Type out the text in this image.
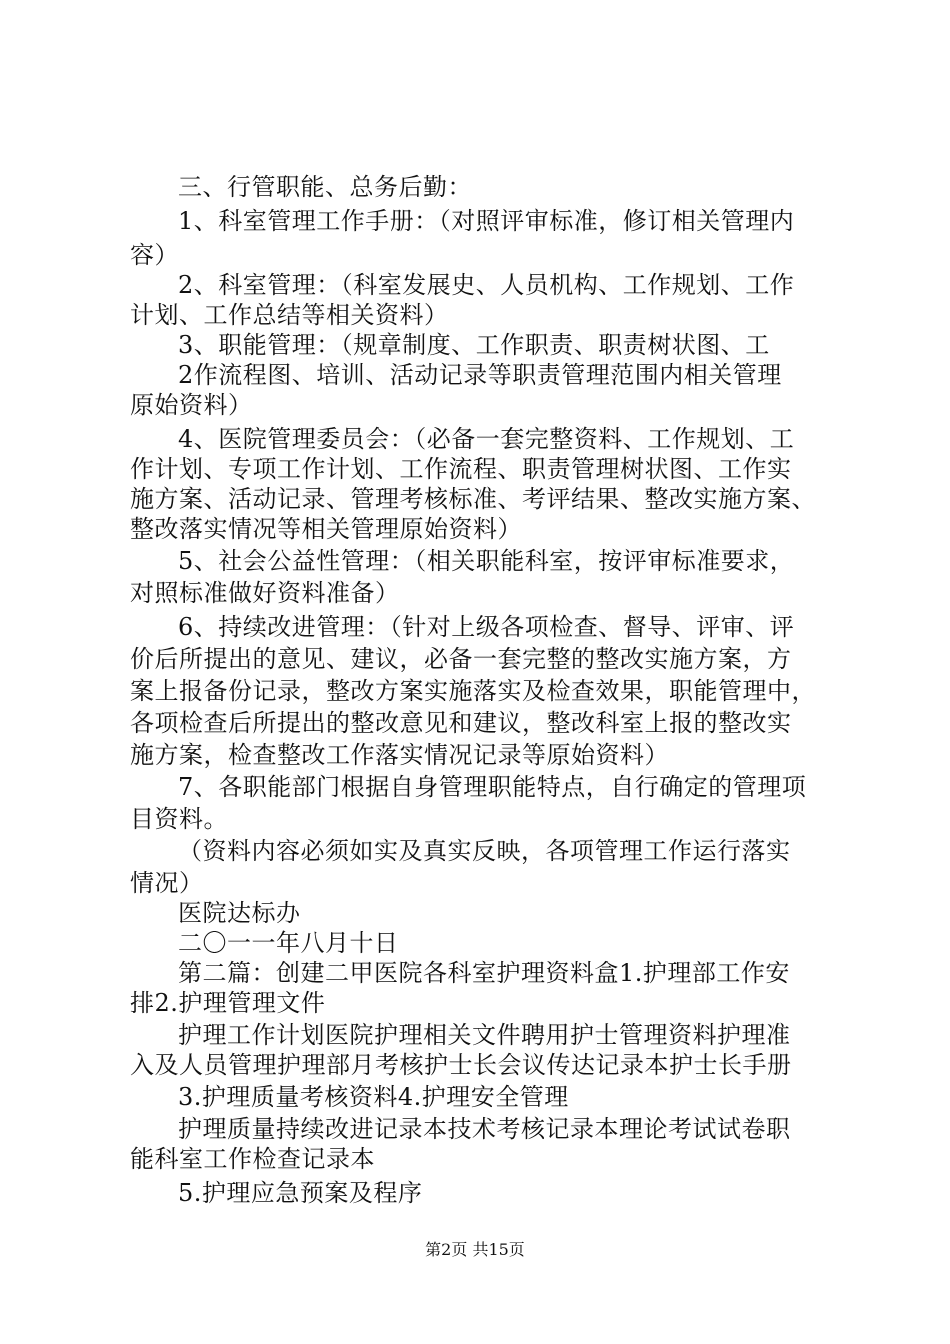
三、行管职能、总务后勤：
1、科室管理工作手册：（对照评审标准，修订相关管理内
容）
2、科室管理：（科室发展史、人员机构、工作规划、工作
计划、工作总结等相关资料）
3、职能管理：（规章制度、工作职责、职责树状图、工
2作流程图、培训、活动记录等职责管理范围内相关管理
原始资料）
4、医院管理委员会：（必备一套完整资料、工作规划、工
作计划、专项工作计划、工作流程、职责管理树状图、工作实
施方案、活动记录、管理考核标准、考评结果、整改实施方案、
整改落实情况等相关管理原始资料）
5、社会公益性管理：（相关职能科室，按评审标准要求，
对照标准做好资料准备）
6、持续改进管理：（针对上级各项检查、督导、评审、评
价后所提出的意见、建议，必备一套完整的整改实施方案，方
案上报备份记录，整改方案实施落实及检查效果，职能管理中，
各项检查后所提出的整改意见和建议，整改科室上报的整改实
施方案，检查整改工作落实情况记录等原始资料）
7、各职能部门根据自身管理职能特点，自行确定的管理项
目资料。
（资料内容必须如实及真实反映，各项管理工作运行落实
情况）
医院达标办
二〇一一年八月十日
第二篇：创建二甲医院各科室护理资料盒1.护理部工作安
排2.护理管理文件
护理工作计划医院护理相关文件聘用护士管理资料护理准
入及人员管理护理部月考核护士长会议传达记录本护士长手册
3.护理质量考核资料4.护理安全管理
护理质量持续改进记录本技术考核记录本理论考试试卷职
能科室工作检查记录本
5.护理应急预案及程序
第2页 共15页
